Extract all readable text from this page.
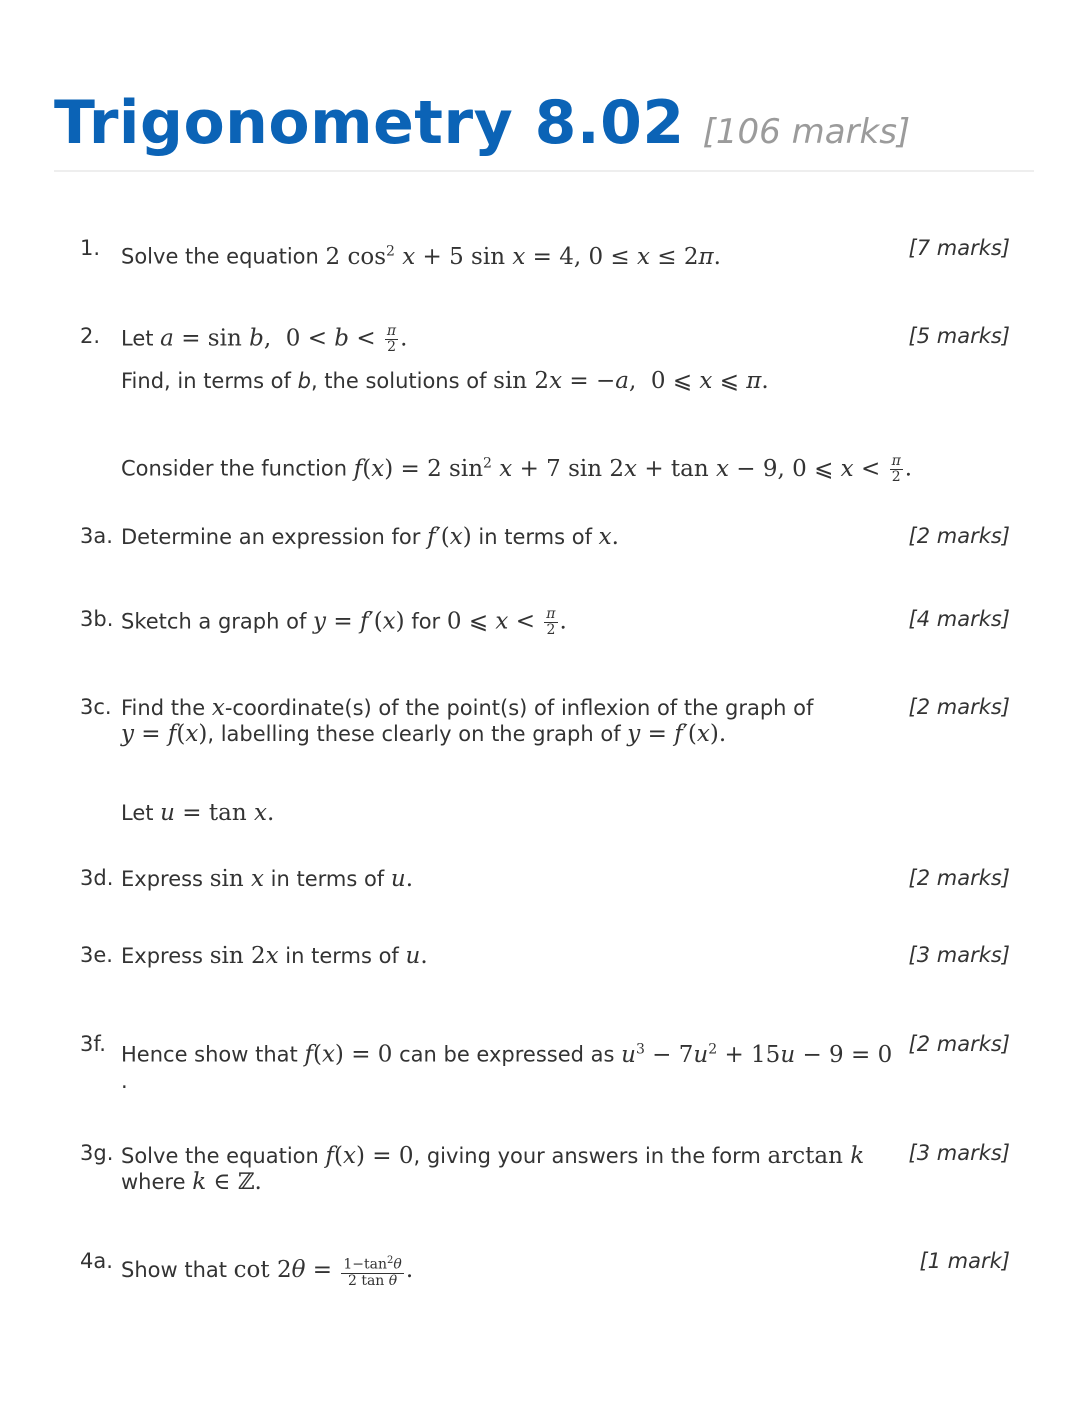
Trigonometry 8.02 [106 marks]
1. Solve the equation 2 $\cos^2 x + 5$ sin x = 4, 0 ≤ x ≤ 2π.	[7 marks]
2. Let a = sin b,  $0 < b < \frac{\pi}{2}$ .
Find, in terms of b, the solutions of sin 2x = −a,  0 ⩽ x ⩽ π.
[5 marks]
Consider the function f(x) = 2 $\sin^2 x + 7$ sin 2x + tan x − 9, 0 ⩽ $x < \frac{\pi}{2}$ .
3a. Determine an expression for f′(x) in terms of x.	[2 marks]
3b. Sketch a graph of y = f′(x) for 0 ⩽ $x < \frac{\pi}{2}$ .	[4 marks]
3c. Find the x-coordinate(s) of the point(s) of inflexion of the graph of
y = f(x), labelling these clearly on the graph of y = f′(x).
[2 marks]
Let u = tan x.
3d. Express sin x in terms of u.	[2 marks]
3e. Express sin 2x in terms of u.	[3 marks]
3f. Hence show that f(x) = 0 can be expressed as $u^3 - 7u^2 + 15u - 9 = 0$
.
[2 marks]
3g. Solve the equation f(x) = 0, giving your answers in the form arctan k
where k ∈ ℤ.
[3 marks]
4a. Show that $\cot 2\theta = \frac{1-\tan^2\theta}{\text{2 tan θ}}$ .	[1 mark]
